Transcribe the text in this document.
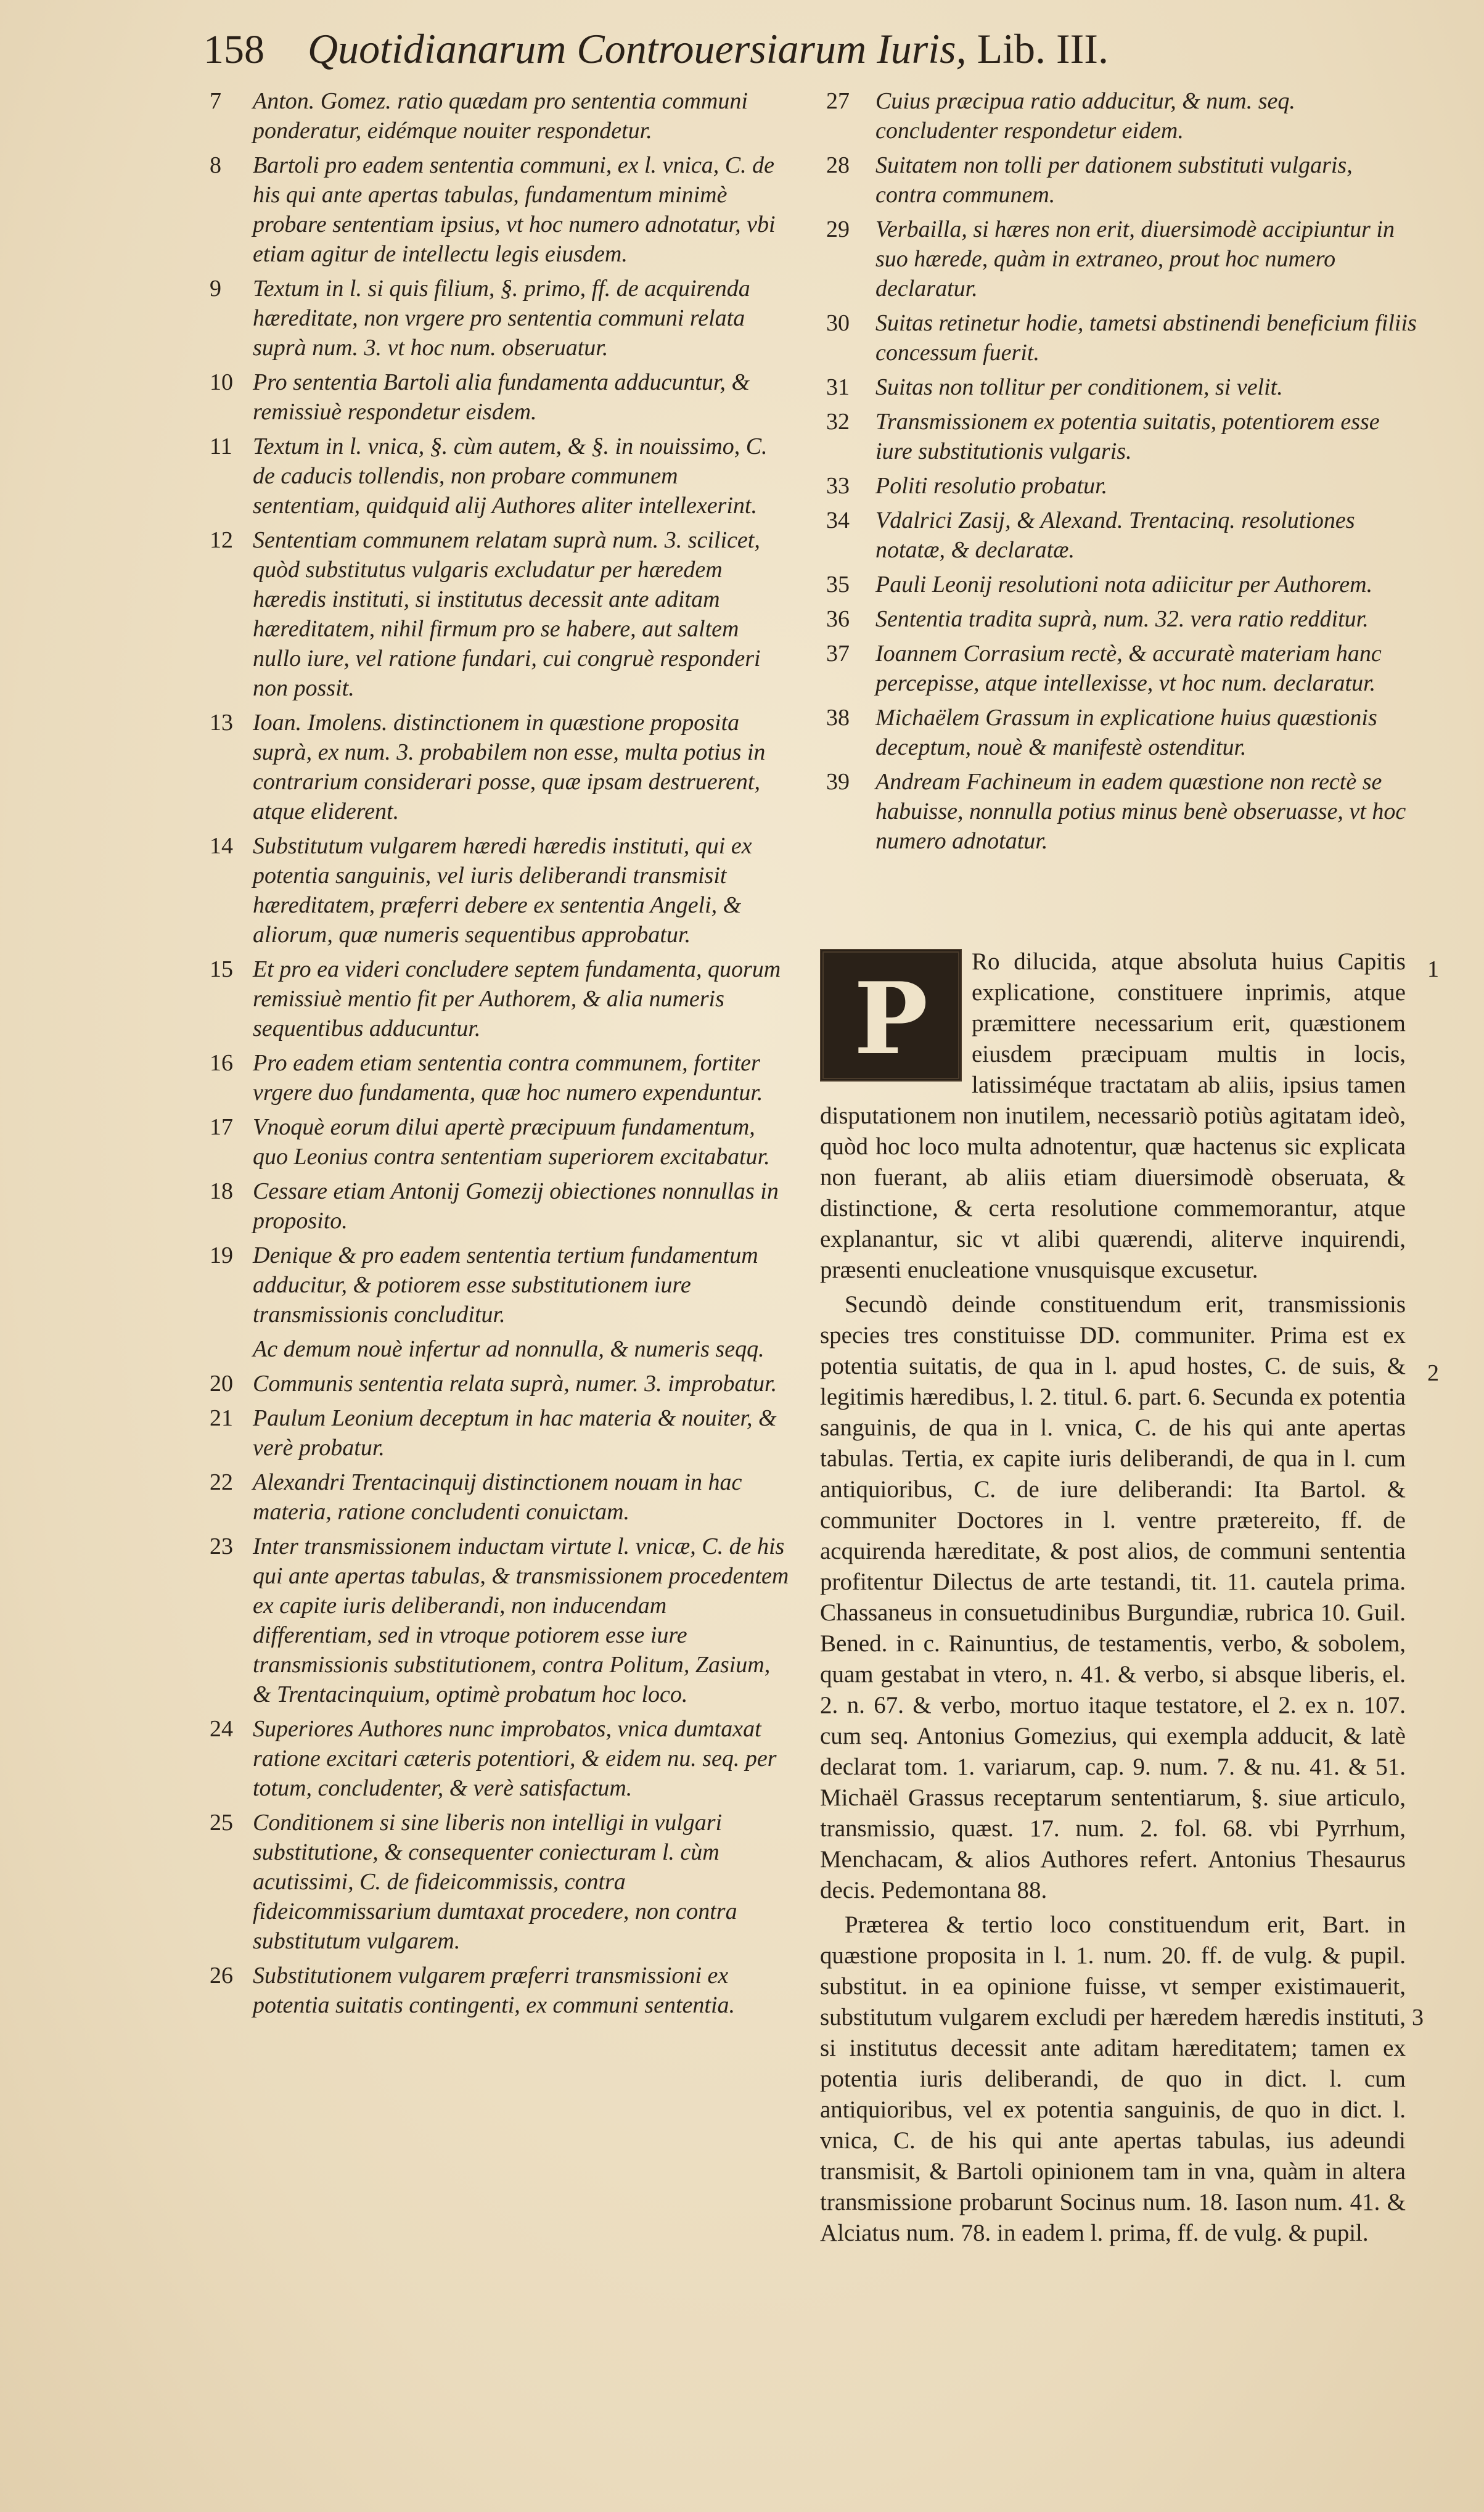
158 Quotidianarum Controuersiarum Iuris, Lib. III.
7	Anton. Gomez. ratio quædam pro sententia communi ponderatur, eidémque nouiter respondetur.
8	Bartoli pro eadem sententia communi, ex l. vnica, C. de his qui ante apertas tabulas, fundamentum minimè probare sententiam ipsius, vt hoc numero adnotatur, vbi etiam agitur de intellectu legis eiusdem.
9	Textum in l. si quis filium, §. primo, ff. de acquirenda hæreditate, non vrgere pro sententia communi relata suprà num. 3. vt hoc num. obseruatur.
10 Pro sententia Bartoli alia fundamenta adducuntur, & remissiuè respondetur eisdem.
11 Textum in l. vnica, §. cùm autem, & §. in nouissimo, C. de caducis tollendis, non probare communem sententiam, quidquid alij Authores aliter intellexerint.
12 Sententiam communem relatam suprà num. 3. scilicet, quòd substitutus vulgaris excludatur per hæredem hæredis instituti, si institutus decessit ante aditam hæreditatem, nihil firmum pro se habere, aut saltem nullo iure, vel ratione fundari, cui congruè responderi non possit.
13 Ioan. Imolens. distinctionem in quæstione proposita suprà, ex num. 3. probabilem non esse, multa potius in contrarium considerari posse, quæ ipsam destruerent, atque eliderent.
14 Substitutum vulgarem hæredi hæredis instituti, qui ex potentia sanguinis, vel iuris deliberandi transmisit hæreditatem, præferri debere ex sententia Angeli, & aliorum, quæ numeris sequentibus approbatur.
15 Et pro ea videri concludere septem fundamenta, quorum remissiuè mentio fit per Authorem, & alia numeris sequentibus adducuntur.
16 Pro eadem etiam sententia contra communem, fortiter vrgere duo fundamenta, quæ hoc numero expenduntur.
17 Vnoquè eorum dilui apertè præcipuum fundamentum, quo Leonius contra sententiam superiorem excitabatur.
18 Cessare etiam Antonij Gomezij obiectiones nonnullas in proposito.
19 Denique & pro eadem sententia tertium fundamentum adducitur, & potiorem esse substitutionem iure transmissionis concluditur.
Ac demum nouè infertur ad nonnulla, & numeris seqq.
20 Communis sententia relata suprà, numer. 3. improbatur.
21 Paulum Leonium deceptum in hac materia & nouiter, & verè probatur.
22 Alexandri Trentacinquij distinctionem nouam in hac materia, ratione concludenti conuictam.
23 Inter transmissionem inductam virtute l. vnicæ, C. de his qui ante apertas tabulas, & transmissionem procedentem ex capite iuris deliberandi, non inducendam differentiam, sed in vtroque potiorem esse iure transmissionis substitutionem, contra Politum, Zasium, & Trentacinquium, optimè probatum hoc loco.
24 Superiores Authores nunc improbatos, vnica dumtaxat ratione excitari cæteris potentiori, & eidem nu. seq. per totum, concludenter, & verè satisfactum.
25 Conditionem si sine liberis non intelligi in vulgari substitutione, & consequenter coniecturam l. cùm acutissimi, C. de fideicommissis, contra fideicommissarium dumtaxat procedere, non contra substitutum vulgarem.
26 Substitutionem vulgarem præferri transmissioni ex potentia suitatis contingenti, ex communi sententia.
27	Cuius præcipua ratio adducitur, & num. seq. concludenter respondetur eidem.
28	Suitatem non tolli per dationem substituti vulgaris, contra communem.
29	Verbailla, si hæres non erit, diuersimodè accipiuntur in suo hærede, quàm in extraneo, prout hoc numero declaratur.
30	Suitas retinetur hodie, tametsi abstinendi beneficium filiis concessum fuerit.
31	Suitas non tollitur per conditionem, si velit.
32	Transmissionem ex potentia suitatis, potentiorem esse iure substitutionis vulgaris.
33	Politi resolutio probatur.
34	Vdalrici Zasij, & Alexand. Trentacinq. resolutiones notatæ, & declaratæ.
35	Pauli Leonij resolutioni nota adiicitur per Authorem.
36	Sententia tradita suprà, num. 32. vera ratio redditur.
37	Ioannem Corrasium rectè, & accuratè materiam hanc percepisse, atque intellexisse, vt hoc num. declaratur.
38	Michaëlem Grassum in explicatione huius quæstionis deceptum, nouè & manifestè ostenditur.
39	Andream Fachineum in eadem quæstione non rectè se habuisse, nonnulla potius minus benè obseruasse, vt hoc numero adnotatur.
P	Ro dilucida, atque absoluta huius Capitis explicatione, constituere inprimis, atque præmittere necessarium erit, quæstionem eiusdem præcipuam multis in locis, latissiméque tractatam ab aliis, ipsius tamen disputationem non inutilem, necessariò potiùs agitatam ideò, quòd hoc loco multa adnotentur, quæ hactenus sic explicata non fuerant, ab aliis etiam diuersimodè obseruata, & distinctione, & certa resolutione commemorantur, atque explanantur, sic vt alibi quærendi, aliterve inquirendi, præsenti enucleatione vnusquisque excusetur.

Secundò deinde constituendum erit, transmissionis species tres constituisse DD. communiter. Prima est ex potentia suitatis, de qua in l. apud hostes, C. de suis, & legitimis hæredibus, l. 2. titul. 6. part. 6. Secunda ex potentia sanguinis, de qua in l. vnica, C. de his qui ante apertas tabulas. Tertia, ex capite iuris deliberandi, de qua in l. cum antiquioribus, C. de iure deliberandi: Ita Bartol. & communiter Doctores in l. ventre prætereito, ff. de acquirenda hæreditate, & post alios, de communi sententia profitentur Dilectus de arte testandi, tit. 11. cautela prima. Chassaneus in consuetudinibus Burgundiæ, rubrica 10. Guil. Bened. in c. Rainuntius, de testamentis, verbo, & sobolem, quam gestabat in vtero, n. 41. & verbo, si absque liberis, el. 2. n. 67. & verbo, mortuo itaque testatore, el 2. ex n. 107. cum seq. Antonius Gomezius, qui exempla adducit, & latè declarat tom. 1. variarum, cap. 9. num. 7. & nu. 41. & 51. Michaël Grassus receptarum sententiarum, §. siue articulo, transmissio, quæst. 17. num. 2. fol. 68. vbi Pyrrhum, Menchacam, & alios Authores refert. Antonius Thesaurus decis. Pedemontana 88.

Præterea & tertio loco constituendum erit, Bart. in quæstione proposita in l. 1. num. 20. ff. de vulg. & pupil. substitut. in ea opinione fuisse, vt semper existimauerit, substitutum vulgarem excludi per hæredem hæredis instituti, si institutus decessit ante aditam hæreditatem; tamen ex potentia iuris deliberandi, de quo in dict. l. cum antiquioribus, vel ex potentia sanguinis, de quo in dict. l. vnica, C. de his qui ante apertas tabulas, ius adeundi transmisit, & Bartoli opinionem tam in vna, quàm in altera transmissione probarunt Socinus num. 18. Iason num. 41. & Alciatus num. 78. in eadem l. prima, ff. de vulg. & pupil.

1
2
3
